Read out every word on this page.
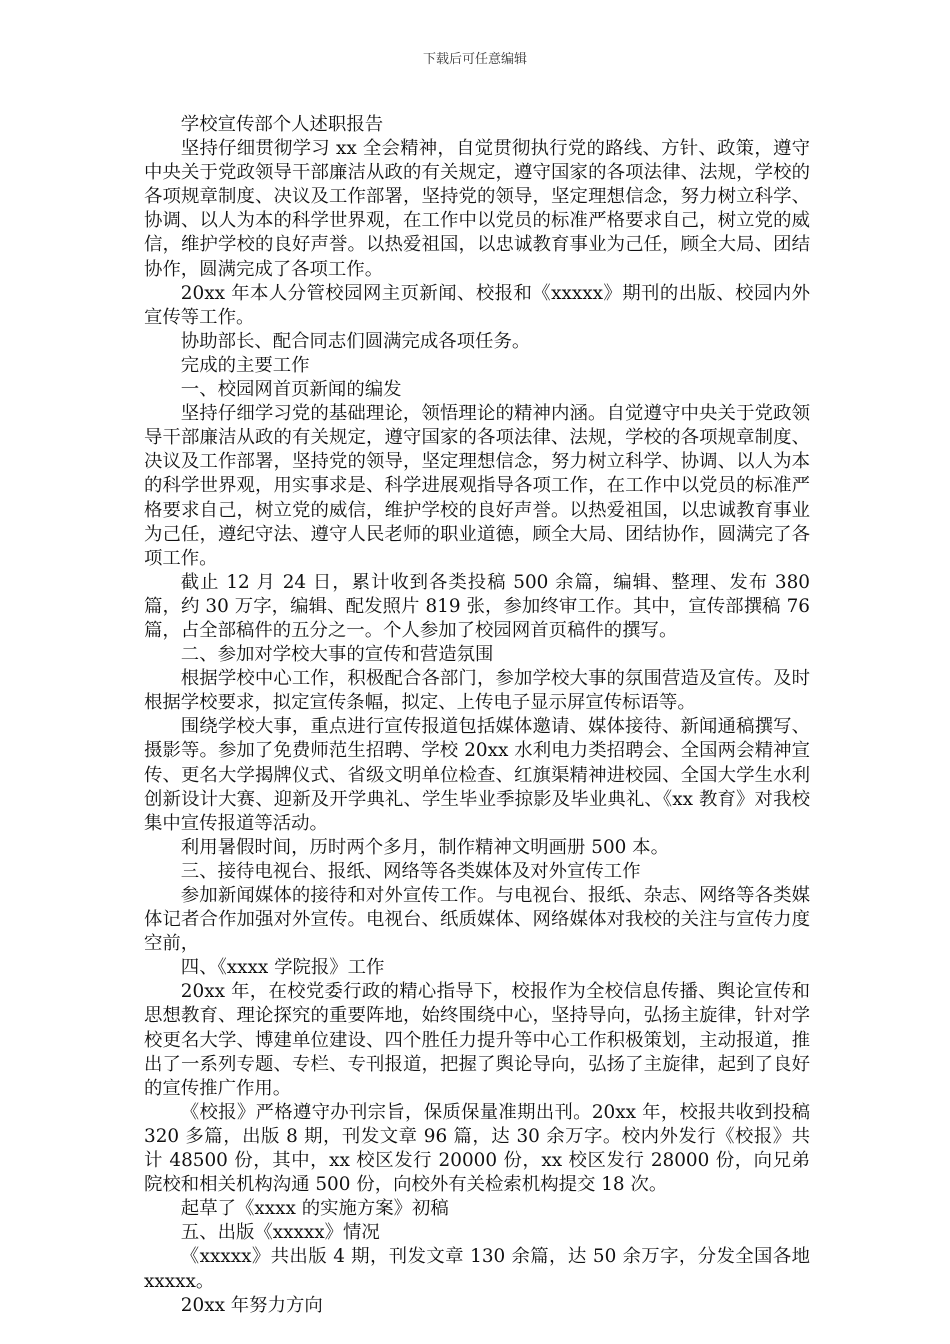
下载后可任意编辑

学校宣传部个人述职报告

坚持仔细贯彻学习 xx 全会精神，自觉贯彻执行党的路线、方针、政策，遵守中央关于党政领导干部廉洁从政的有关规定，遵守国家的各项法律、法规，学校的各项规章制度、决议及工作部署，坚持党的领导，坚定理想信念，努力树立科学、协调、以人为本的科学世界观，在工作中以党员的标准严格要求自己，树立党的威信，维护学校的良好声誉。以热爱祖国，以忠诚教育事业为己任，顾全大局、团结协作，圆满完成了各项工作。

20xx 年本人分管校园网主页新闻、校报和《xxxxx》期刊的出版、校园内外宣传等工作。

协助部长、配合同志们圆满完成各项任务。

完成的主要工作

一、校园网首页新闻的编发

坚持仔细学习党的基础理论，领悟理论的精神内涵。自觉遵守中央关于党政领导干部廉洁从政的有关规定，遵守国家的各项法律、法规，学校的各项规章制度、决议及工作部署，坚持党的领导，坚定理想信念，努力树立科学、协调、以人为本的科学世界观，用实事求是、科学进展观指导各项工作，在工作中以党员的标准严格要求自己，树立党的威信，维护学校的良好声誉。以热爱祖国，以忠诚教育事业为己任，遵纪守法、遵守人民老师的职业道德，顾全大局、团结协作，圆满完了各项工作。

截止 12 月 24 日，累计收到各类投稿 500 余篇，编辑、整理、发布 380 篇，约 30 万字，编辑、配发照片 819 张，参加终审工作。其中，宣传部撰稿 76 篇，占全部稿件的五分之一。个人参加了校园网首页稿件的撰写。

二、参加对学校大事的宣传和营造氛围

根据学校中心工作，积极配合各部门，参加学校大事的氛围营造及宣传。及时根据学校要求，拟定宣传条幅，拟定、上传电子显示屏宣传标语等。

围绕学校大事，重点进行宣传报道包括媒体邀请、媒体接待、新闻通稿撰写、摄影等。参加了免费师范生招聘、学校 20xx 水利电力类招聘会、全国两会精神宣传、更名大学揭牌仪式、省级文明单位检查、红旗渠精神进校园、全国大学生水利创新设计大赛、迎新及开学典礼、学生毕业季掠影及毕业典礼、《xx 教育》对我校集中宣传报道等活动。

利用暑假时间，历时两个多月，制作精神文明画册 500 本。

三、接待电视台、报纸、网络等各类媒体及对外宣传工作

参加新闻媒体的接待和对外宣传工作。与电视台、报纸、杂志、网络等各类媒体记者合作加强对外宣传。电视台、纸质媒体、网络媒体对我校的关注与宣传力度空前，

四、《xxxx 学院报》工作

20xx 年，在校党委行政的精心指导下，校报作为全校信息传播、舆论宣传和思想教育、理论探究的重要阵地，始终围绕中心，坚持导向，弘扬主旋律，针对学校更名大学、博建单位建设、四个胜任力提升等中心工作积极策划，主动报道，推出了一系列专题、专栏、专刊报道，把握了舆论导向，弘扬了主旋律，起到了良好的宣传推广作用。

《校报》严格遵守办刊宗旨，保质保量准期出刊。20xx 年，校报共收到投稿 320 多篇，出版 8 期，刊发文章 96 篇，达 30 余万字。校内外发行《校报》共计 48500 份，其中，xx 校区发行 20000 份，xx 校区发行 28000 份，向兄弟院校和相关机构沟通 500 份，向校外有关检索机构提交 18 次。

起草了《xxxx 的实施方案》初稿

五、出版《xxxxx》情况

《xxxxx》共出版 4 期，刊发文章 130 余篇，达 50 余万字，分发全国各地 xxxxx。

20xx 年努力方向
